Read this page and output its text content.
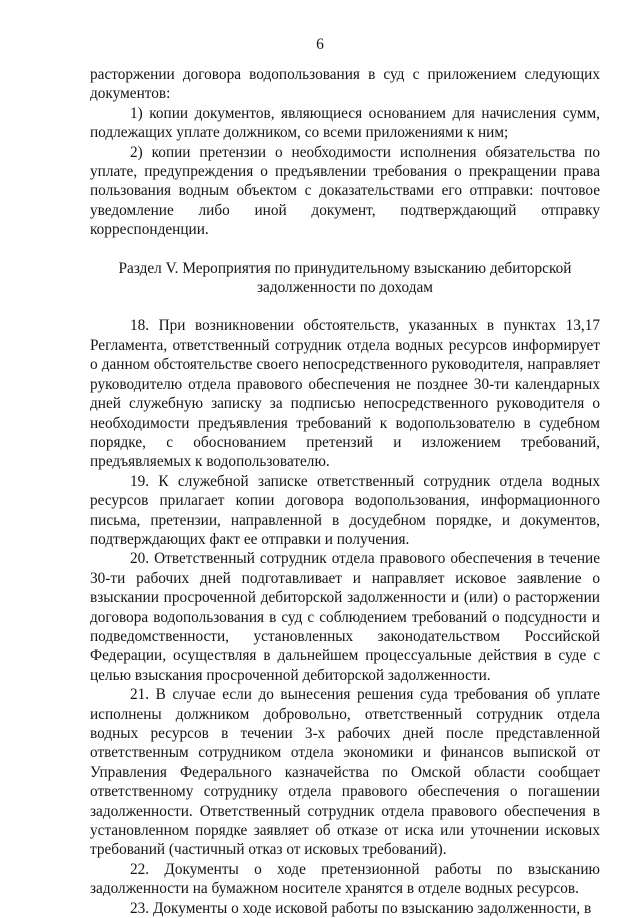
6

расторжении договора водопользования в суд с приложением следующих документов:

1) копии документов, являющиеся основанием для начисления сумм, подлежащих уплате должником, со всеми приложениями к ним;

2) копии претензии о необходимости исполнения обязательства по уплате, предупреждения о предъявлении требования о прекращении права пользования водным объектом с доказательствами его отправки: почтовое уведомление либо иной документ, подтверждающий отправку корреспонденции.

Раздел V. Мероприятия по принудительному взысканию дебиторской задолженности по доходам

18. При возникновении обстоятельств, указанных в пунктах 13,17 Регламента, ответственный сотрудник отдела водных ресурсов информирует о данном обстоятельстве своего непосредственного руководителя, направляет руководителю отдела правового обеспечения не позднее 30-ти календарных дней служебную записку за подписью непосредственного руководителя о необходимости предъявления требований к водопользователю в судебном порядке, с обоснованием претензий и изложением требований, предъявляемых к водопользователю.

19. К служебной записке ответственный сотрудник отдела водных ресурсов прилагает копии договора водопользования, информационного письма, претензии, направленной в досудебном порядке, и документов, подтверждающих факт ее отправки и получения.

20. Ответственный сотрудник отдела правового обеспечения в течение 30-ти рабочих дней подготавливает и направляет исковое заявление о взыскании просроченной дебиторской задолженности и (или) о расторжении договора водопользования в суд с соблюдением требований о подсудности и подведомственности, установленных законодательством Российской Федерации, осуществляя в дальнейшем процессуальные действия в суде с целью взыскания просроченной дебиторской задолженности.

21. В случае если до вынесения решения суда требования об уплате исполнены должником добровольно, ответственный сотрудник отдела водных ресурсов в течении 3-х рабочих дней после представленной ответственным сотрудником отдела экономики и финансов выпиской от Управления Федерального казначейства по Омской области сообщает ответственному сотруднику отдела правового обеспечения о погашении задолженности. Ответственный сотрудник отдела правового обеспечения в установленном порядке заявляет об отказе от иска или уточнении исковых требований (частичный отказ от исковых требований).

22. Документы о ходе претензионной работы по взысканию задолженности на бумажном носителе хранятся в отделе водных ресурсов.

23. Документы о ходе исковой работы по взысканию задолженности, в
